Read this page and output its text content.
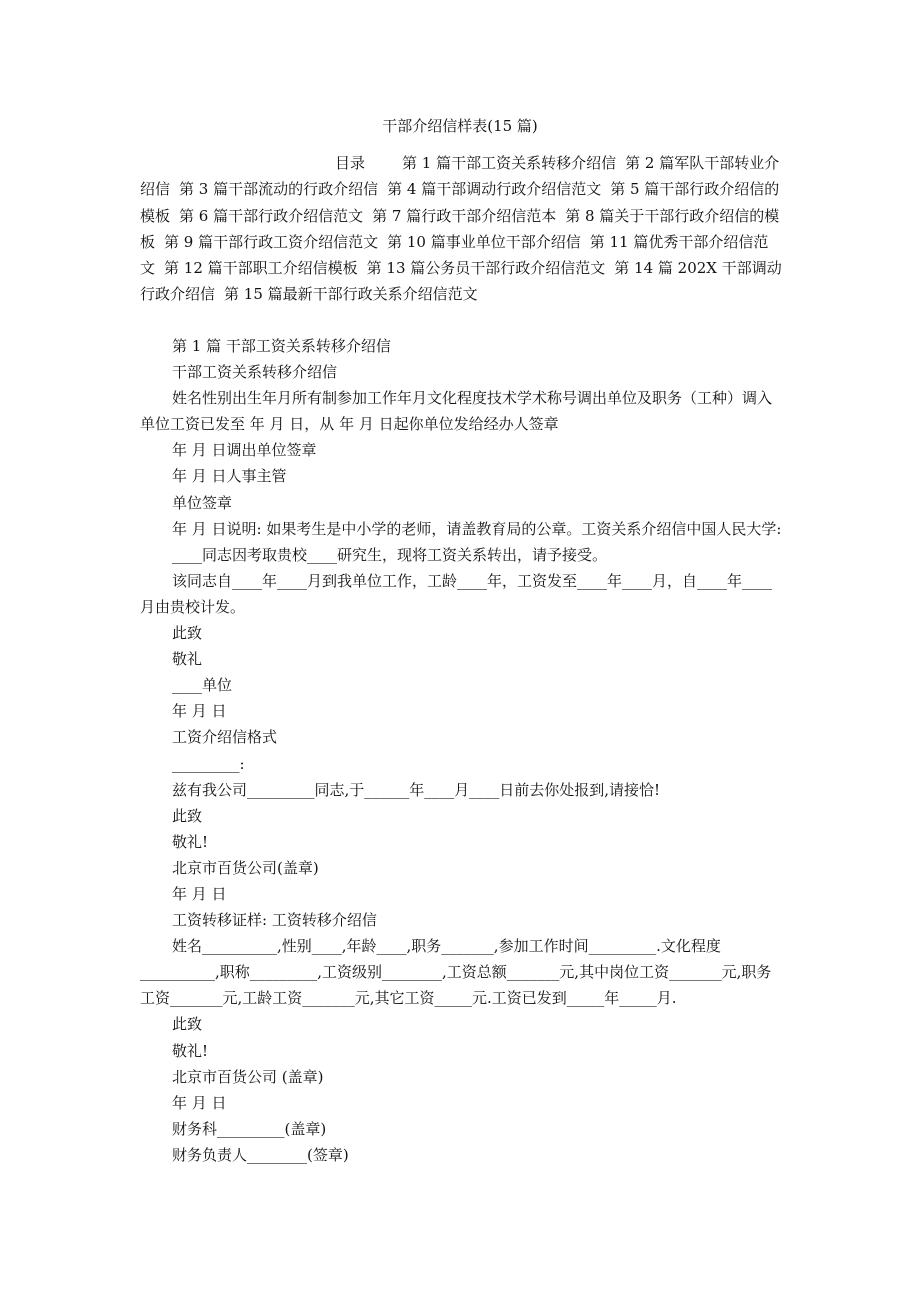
干部介绍信样表(15 篇)
目录 第 1 篇干部工资关系转移介绍信 第 2 篇军队干部转业介绍信 第 3 篇干部流动的行政介绍信 第 4 篇干部调动行政介绍信范文 第 5 篇干部行政介绍信的模板 第 6 篇干部行政介绍信范文 第 7 篇行政干部介绍信范本 第 8 篇关于干部行政介绍信的模板 第 9 篇干部行政工资介绍信范文 第 10 篇事业单位干部介绍信 第 11 篇优秀干部介绍信范文 第 12 篇干部职工介绍信模板 第 13 篇公务员干部行政介绍信范文 第 14 篇 202X 干部调动行政介绍信 第 15 篇最新干部行政关系介绍信范文

第 1 篇 干部工资关系转移介绍信

干部工资关系转移介绍信

姓名性别出生年月所有制参加工作年月文化程度技术学术称号调出单位及职务（工种）调入单位工资已发至 年 月 日，从 年 月 日起你单位发给经办人签章

年 月 日调出单位签章

年 月 日人事主管

单位签章

年 月 日说明: 如果考生是中小学的老师，请盖教育局的公章。工资关系介绍信中国人民大学:

____同志因考取贵校____研究生，现将工资关系转出，请予接受。

该同志自____年____月到我单位工作，工龄____年，工资发至____年____月，自____年____月由贵校计发。

此致

敬礼

____单位

年 月 日

工资介绍信格式

_________:

兹有我公司_________同志,于______年____月____日前去你处报到,请接恰!

此致

敬礼!

北京市百货公司(盖章)

年 月 日

工资转移证样: 工资转移介绍信

姓名__________,性别____,年龄____,职务_______,参加工作时间_________.文化程度__________,职称_________,工资级别________,工资总额_______元,其中岗位工资_______元,职务工资_______元,工龄工资_______元,其它工资_____元.工资已发到_____年_____月.

此致

敬礼!

北京市百货公司 (盖章)

年 月 日

财务科_________(盖章)

财务负责人________(签章)
